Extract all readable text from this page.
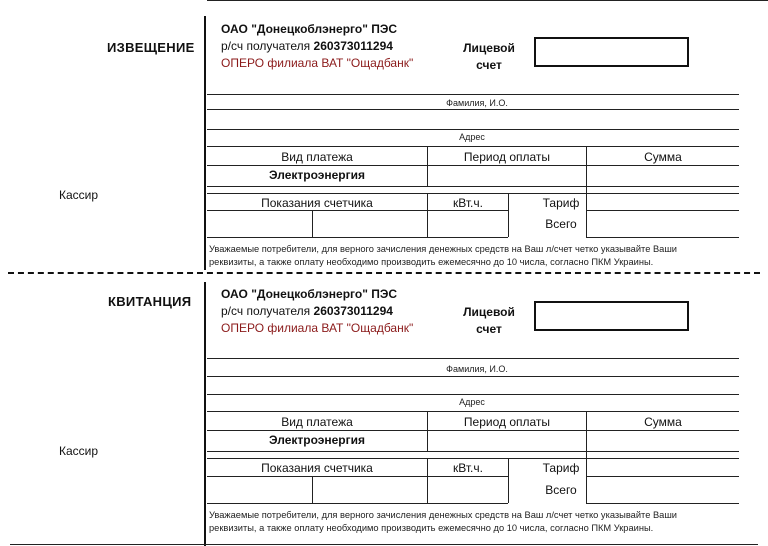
ИЗВЕЩЕНИЕ
Кассир
ОАО "Донецкоблэнерго" ПЭС
р/сч получателя 260373011294
ОПЕРО филиала ВАТ "Ощадбанк"
Лицевой
счет
Фамилия, И.О.
Адрес
Вид платежа	Период оплаты	Сумма
Электроэнергия
Показания счетчика	кВт.ч.	Тариф
Всего
Уважаемые потребители, для верного зачисления денежных средств на Ваш л/счет четко указывайте Ваши
реквизиты, а также оплату необходимо производить ежемесячно до 10 числа, согласно ПКМ Украины.
КВИТАНЦИЯ
Кассир
ОАО "Донецкоблэнерго" ПЭС
р/сч получателя 260373011294
ОПЕРО филиала ВАТ "Ощадбанк"
Лицевой
счет
Фамилия, И.О.
Адрес
Вид платежа	Период оплаты	Сумма
Электроэнергия
Показания счетчика	кВт.ч.	Тариф
Всего
Уважаемые потребители, для верного зачисления денежных средств на Ваш л/счет четко указывайте Ваши
реквизиты, а также оплату необходимо производить ежемесячно до 10 числа, согласно ПКМ Украины.
